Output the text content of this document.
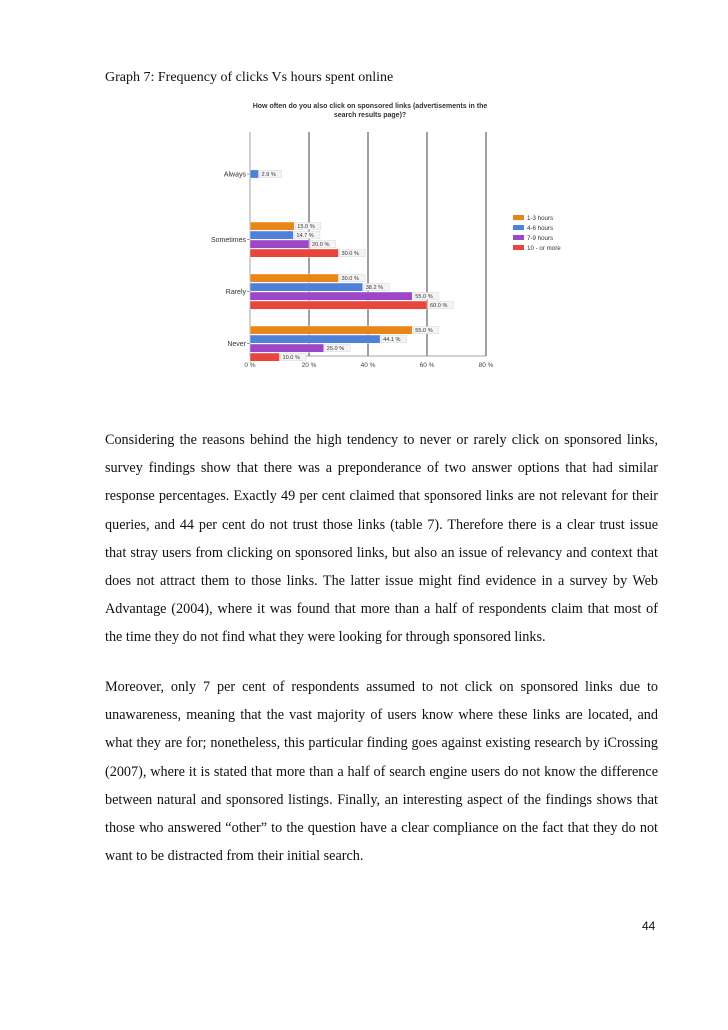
Graph 7: Frequency of clicks Vs hours spent online
How often do you also click on sponsored links (advertisements in the
search results page)?
0 %	20 %	40 %	60 %	80 %
Always	2.9 %
Sometimes
15.0 %
14.7 %
20.0 %
30.0 %
Rarely
30.0 %
38.2 %
55.0 %
60.0 %
Never
55.0 %
44.1 %
25.0 %
10.0 %
1-3 hours
4-6 hours
7-9 hours
10 - or more

Considering the reasons behind the high tendency to never or rarely click on sponsored links, survey findings show that there was a preponderance of two answer options that had similar response percentages. Exactly 49 per cent claimed that sponsored links are not relevant for their queries, and 44 per cent do not trust those links (table 7). Therefore there is a clear trust issue that stray users from clicking on sponsored links, but also an issue of relevancy and context that does not attract them to those links. The latter issue might find evidence in a survey by Web Advantage (2004), where it was found that more than a half of respondents claim that most of the time they do not find what they were looking for through sponsored links.

Moreover, only 7 per cent of respondents assumed to not click on sponsored links due to unawareness, meaning that the vast majority of users know where these links are located, and what they are for; nonetheless, this particular finding goes against existing research by iCrossing (2007), where it is stated that more than a half of search engine users do not know the difference between natural and sponsored listings. Finally, an interesting aspect of the findings shows that those who answered “other” to the question have a clear compliance on the fact that they do not want to be distracted from their initial search.

44
